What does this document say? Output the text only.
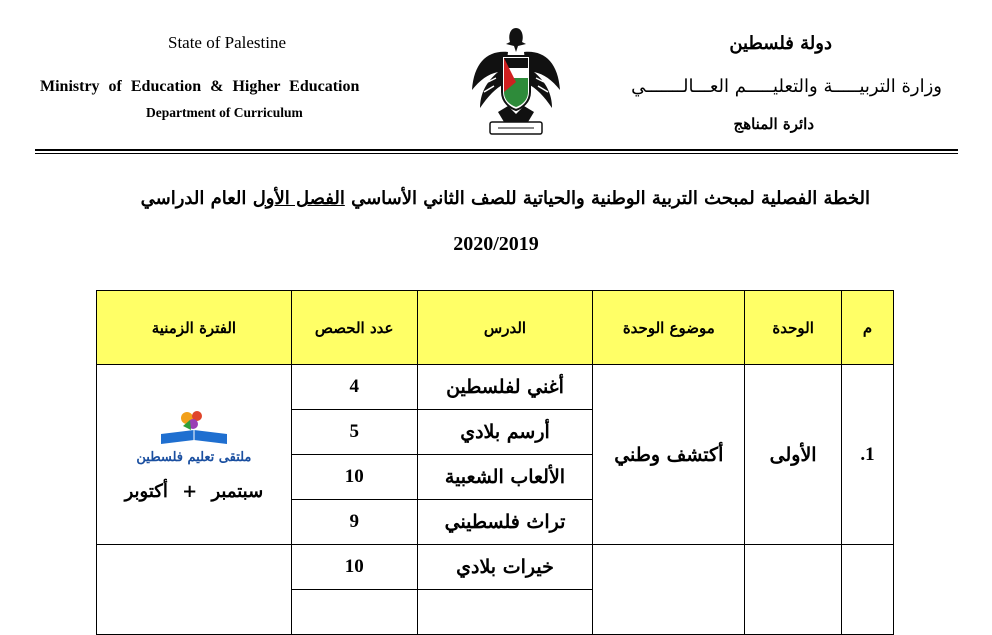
State of Palestine
Ministry of Education & Higher Education
Department of Curriculum
دولة فلسطين
وزارة التربيـــــة والتعليـــــم العـــالـــــــي
دائرة المناهج
الخطة الفصلية لمبحث التربية الوطنية والحياتية للصف الثاني الأساسي الفصل الأول العام الدراسي
2020/2019
م	الوحدة	موضوع الوحدة	الدرس	عدد الحصص	الفترة الزمنية
1.	الأولى	أكتشف وطني	أغني لفلسطين	4	ملتقى تعليم فلسطين
سبتمبر + أكتوبر

			أرسم بلادي	5	
			الألعاب الشعبية	10	
			تراث فلسطيني	9	
			خيرات بلادي	10	
